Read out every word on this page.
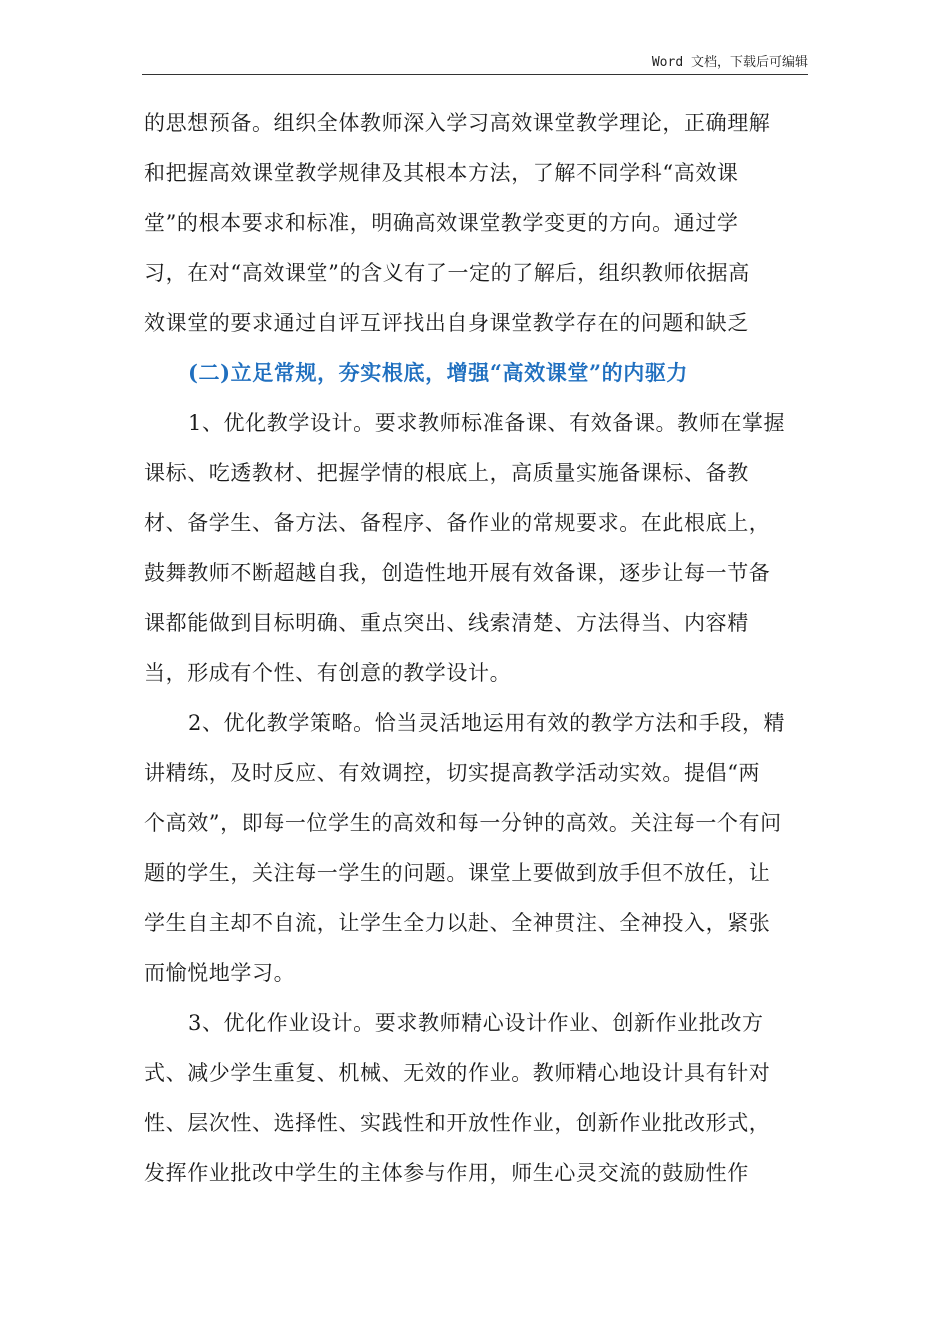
Word 文档，下载后可编辑
的思想预备。组织全体教师深入学习高效课堂教学理论，正确理解
和把握高效课堂教学规律及其根本方法，了解不同学科“高效课
堂”的根本要求和标准，明确高效课堂教学变更的方向。通过学
习，在对“高效课堂”的含义有了一定的了解后，组织教师依据高
效课堂的要求通过自评互评找出自身课堂教学存在的问题和缺乏
(二)立足常规，夯实根底，增强“高效课堂”的内驱力
1、优化教学设计。要求教师标准备课、有效备课。教师在掌握
课标、吃透教材、把握学情的根底上，高质量实施备课标、备教
材、备学生、备方法、备程序、备作业的常规要求。在此根底上，
鼓舞教师不断超越自我，创造性地开展有效备课，逐步让每一节备
课都能做到目标明确、重点突出、线索清楚、方法得当、内容精
当，形成有个性、有创意的教学设计。
2、优化教学策略。恰当灵活地运用有效的教学方法和手段，精
讲精练，及时反应、有效调控，切实提高教学活动实效。提倡“两
个高效”，即每一位学生的高效和每一分钟的高效。关注每一个有问
题的学生，关注每一学生的问题。课堂上要做到放手但不放任，让
学生自主却不自流，让学生全力以赴、全神贯注、全神投入，紧张
而愉悦地学习。
3、优化作业设计。要求教师精心设计作业、创新作业批改方
式、减少学生重复、机械、无效的作业。教师精心地设计具有针对
性、层次性、选择性、实践性和开放性作业，创新作业批改形式，
发挥作业批改中学生的主体参与作用，师生心灵交流的鼓励性作
